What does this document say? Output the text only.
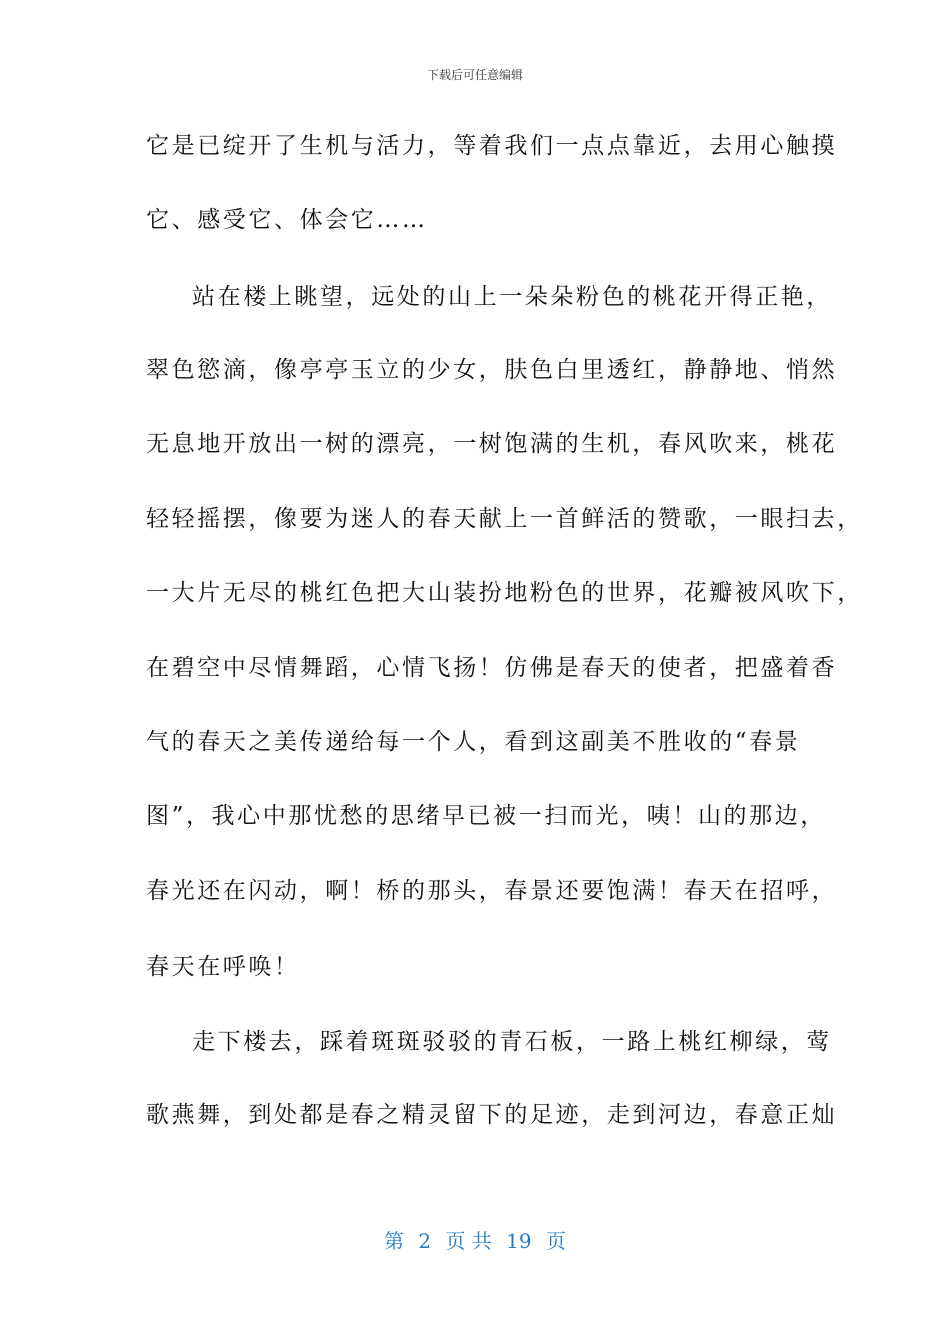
下载后可任意编辑
它是已绽开了生机与活力，等着我们一点点靠近，去用心触摸
它、感受它、体会它……
站在楼上眺望，远处的山上一朵朵粉色的桃花开得正艳，
翠色慾滴，像亭亭玉立的少女，肤色白里透红，静静地、悄然
无息地开放出一树的漂亮，一树饱满的生机，春风吹来，桃花
轻轻摇摆，像要为迷人的春天献上一首鲜活的赞歌，一眼扫去，
一大片无尽的桃红色把大山装扮地粉色的世界，花瓣被风吹下，
在碧空中尽情舞蹈，心情飞扬！仿佛是春天的使者，把盛着香
气的春天之美传递给每一个人，看到这副美不胜收的“春景
图”，我心中那忧愁的思绪早已被一扫而光，咦！山的那边，
春光还在闪动，啊！桥的那头，春景还要饱满！春天在招呼，
春天在呼唤！
走下楼去，踩着斑斑驳驳的青石板，一路上桃红柳绿，莺
歌燕舞，到处都是春之精灵留下的足迹，走到河边，春意正灿
第 2 页 共 19 页
